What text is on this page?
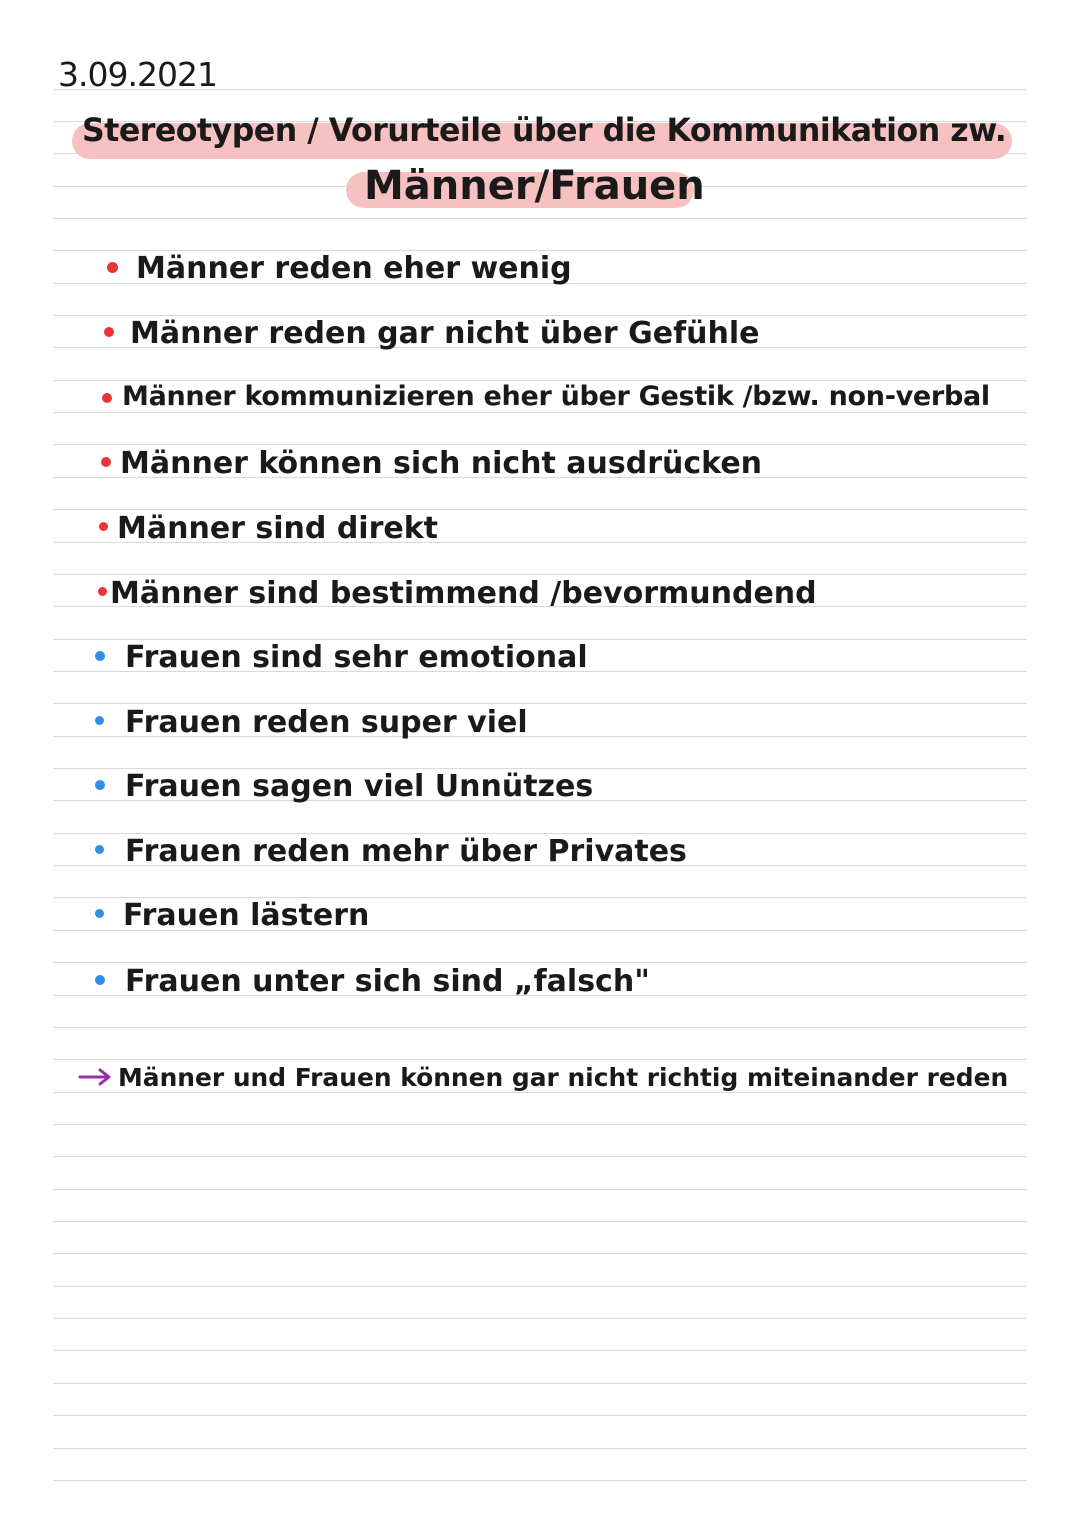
3.09.2021
Stereotypen / Vorurteile über die Kommunikation zw.
Männer/Frauen
Männer reden eher wenig
Männer reden gar nicht über Gefühle
Männer kommunizieren eher über Gestik /bzw. non-verbal
Männer können sich nicht ausdrücken
Männer sind direkt
Männer sind bestimmend /bevormundend
Frauen sind sehr emotional
Frauen reden super viel
Frauen sagen viel Unnützes
Frauen reden mehr über Privates
Frauen lästern
Frauen unter sich sind „falsch"
Männer und Frauen können gar nicht richtig miteinander reden
